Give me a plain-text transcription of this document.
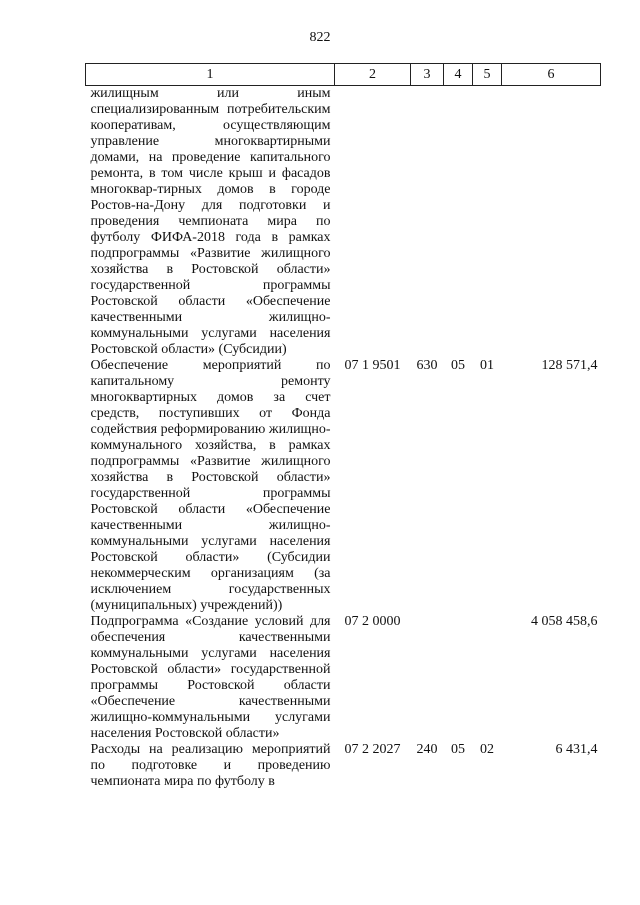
822
1	2	3	4	5	6
жилищным или иным специализированным потребительским кооперативам, осуществляющим управление многоквартирными домами, на проведение капитального ремонта, в том числе крыш и фасадов многоквар-тирных домов в городе Ростов-на-Дону для подготовки и проведения чемпионата мира по футболу ФИФА-2018 года в рамках подпрограммы «Развитие жилищного хозяйства в Ростовской области» государственной программы Ростовской области «Обеспечение качественными жилищно-коммунальными услугами населения Ростовской области» (Субсидии)					
Обеспечение мероприятий по капитальному ремонту многоквартирных домов за счет средств, поступивших от Фонда содействия реформированию жилищно-коммунального хозяйства, в рамках подпрограммы «Развитие жилищного хозяйства в Ростовской области» государственной программы Ростовской области «Обеспечение качественными жилищно-коммунальными услугами населения Ростовской области» (Субсидии некоммерческим организациям (за исключением государственных (муниципальных) учреждений))	07 1 9501	630	05	01	128 571,4
Подпрограмма «Создание условий для обеспечения качественными коммунальными услугами населения Ростовской области» государственной программы Ростовской области «Обеспечение качественными жилищно-коммунальными услугами населения Ростовской области»	07 2 0000				4 058 458,6
Расходы на реализацию мероприятий по подготовке и проведению чемпионата мира по футболу в	07 2 2027	240	05	02	6 431,4
